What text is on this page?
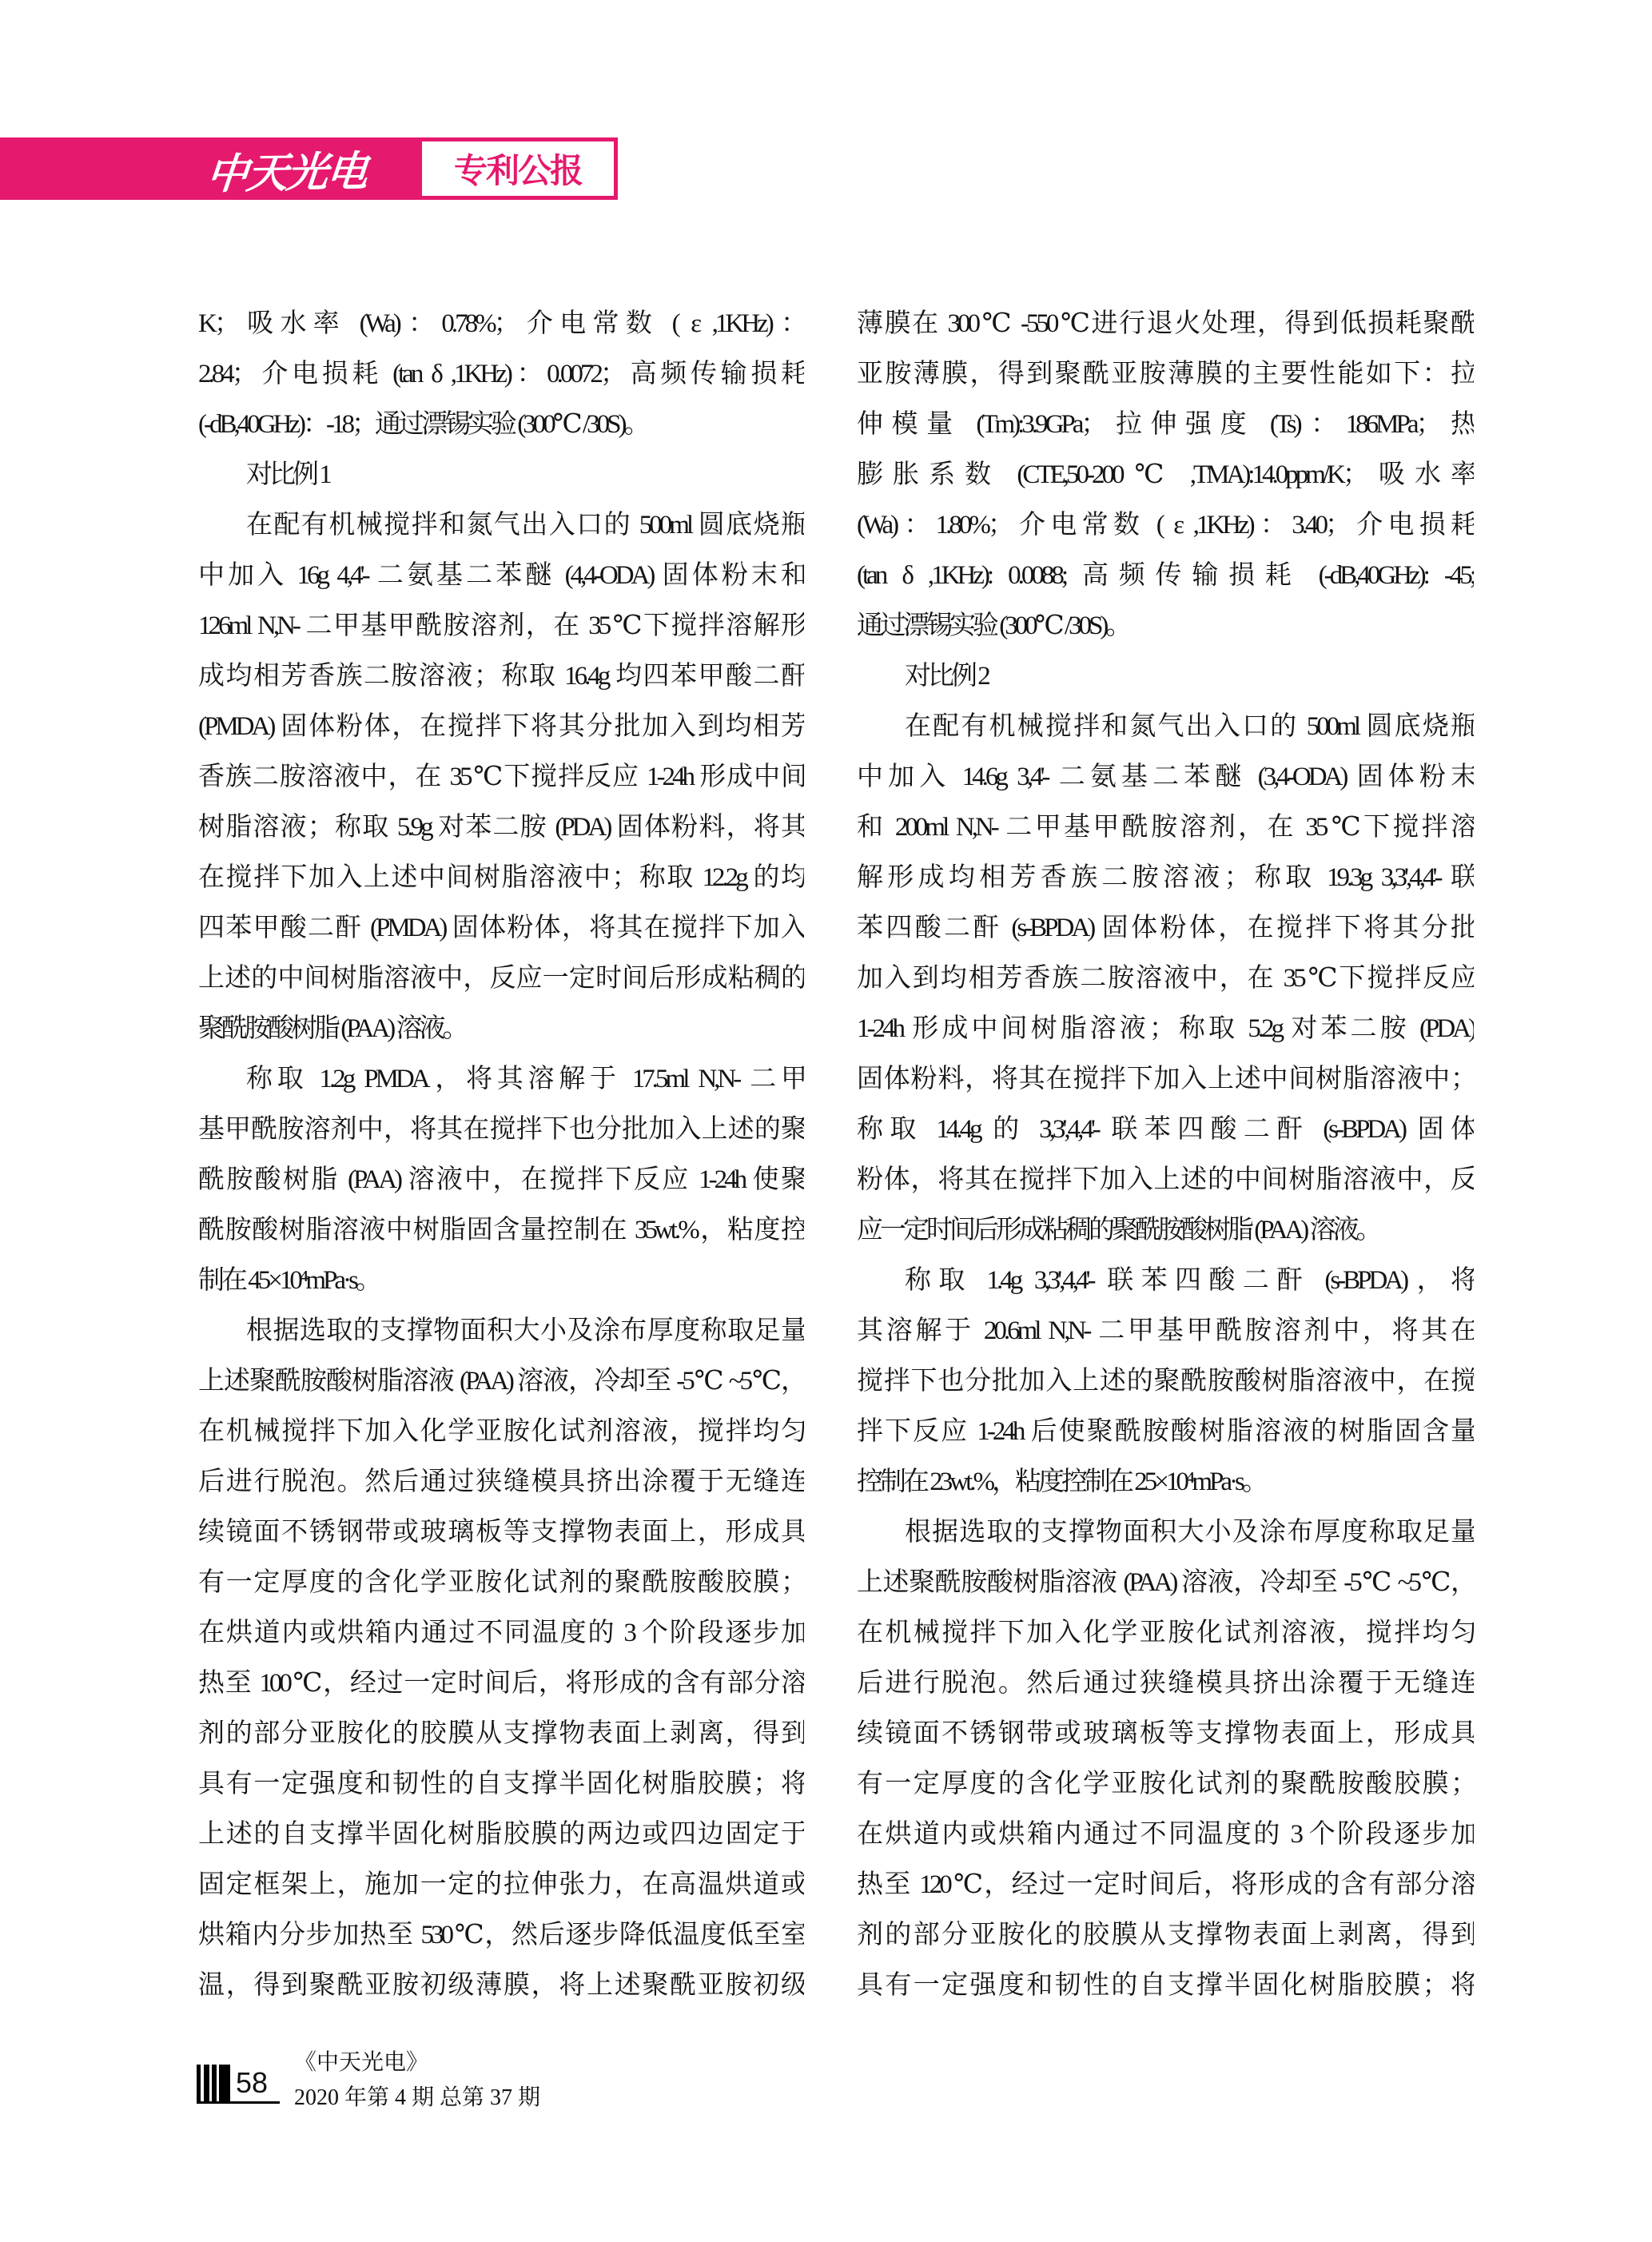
中天光电	专利公报
K；吸水率 (Wa)：0.78%；介电常数 ( ε ,1KHz)：
2.84；介电损耗 (tan δ ,1KHz)：0.0072；高频传输损耗
(-dB,40GHz)：-18；通过漂锡实验 (300℃ /30S)。
对比例 1
在配有机械搅拌和氮气出入口的 500ml 圆底烧瓶
中加入 16g 4,4'- 二氨基二苯醚 (4,4-ODA) 固体粉末和
126ml N,N- 二甲基甲酰胺溶剂，在 35℃下搅拌溶解形
成均相芳香族二胺溶液；称取 16.4g 均四苯甲酸二酐
(PMDA) 固体粉体，在搅拌下将其分批加入到均相芳
香族二胺溶液中，在 35℃下搅拌反应 1-24h 形成中间
树脂溶液；称取 5.9g 对苯二胺 (PDA) 固体粉料，将其
在搅拌下加入上述中间树脂溶液中；称取 12.2g 的均
四苯甲酸二酐 (PMDA) 固体粉体，将其在搅拌下加入
上述的中间树脂溶液中，反应一定时间后形成粘稠的
聚酰胺酸树脂 (PAA) 溶液。
称取 1.2g PMDA，将其溶解于 17.5ml N,N- 二甲
基甲酰胺溶剂中，将其在搅拌下也分批加入上述的聚
酰胺酸树脂 (PAA) 溶液中，在搅拌下反应 1-24h 使聚
酰胺酸树脂溶液中树脂固含量控制在 35wt.%，粘度控
制在 45×10⁴mPa·s。
根据选取的支撑物面积大小及涂布厚度称取足量
上述聚酰胺酸树脂溶液 (PAA) 溶液，冷却至 -5℃ ~5℃，
在机械搅拌下加入化学亚胺化试剂溶液，搅拌均匀
后进行脱泡。然后通过狭缝模具挤出涂覆于无缝连
续镜面不锈钢带或玻璃板等支撑物表面上，形成具
有一定厚度的含化学亚胺化试剂的聚酰胺酸胶膜；
在烘道内或烘箱内通过不同温度的 3 个阶段逐步加
热至 100℃，经过一定时间后，将形成的含有部分溶
剂的部分亚胺化的胶膜从支撑物表面上剥离，得到
具有一定强度和韧性的自支撑半固化树脂胶膜；将
上述的自支撑半固化树脂胶膜的两边或四边固定于
固定框架上，施加一定的拉伸张力，在高温烘道或
烘箱内分步加热至 530℃，然后逐步降低温度低至室
温，得到聚酰亚胺初级薄膜，将上述聚酰亚胺初级
薄膜在 300℃ -550℃进行退火处理，得到低损耗聚酰
亚胺薄膜，得到聚酰亚胺薄膜的主要性能如下：拉
伸模量 (Tm):3.9GPa；拉伸强度 (Ts)：186MPa；热
膨胀系数 (CTE,50-200℃ ,TMA):14.0ppm/K；吸水率
(Wa)：1.80%；介电常数 ( ε ,1KHz)：3.40；介电损耗
(tan δ ,1KHz): 0.0088; 高频传输损耗 (-dB,40GHz): -45;
通过漂锡实验 (300℃ /30S)。
对比例 2
在配有机械搅拌和氮气出入口的 500ml 圆底烧瓶
中加入 14.6g 3,4'- 二氨基二苯醚 (3,4-ODA) 固体粉末
和 200ml N,N- 二甲基甲酰胺溶剂，在 35℃下搅拌溶
解形成均相芳香族二胺溶液；称取 19.3g 3,3',4,4'- 联
苯四酸二酐 (s-BPDA) 固体粉体，在搅拌下将其分批
加入到均相芳香族二胺溶液中，在 35℃下搅拌反应
1-24h 形成中间树脂溶液；称取 5.2g 对苯二胺 (PDA)
固体粉料，将其在搅拌下加入上述中间树脂溶液中；
称取 14.4g 的 3,3',4,4'- 联苯四酸二酐 (s-BPDA) 固体
粉体，将其在搅拌下加入上述的中间树脂溶液中，反
应一定时间后形成粘稠的聚酰胺酸树脂 (PAA) 溶液。
称取 1.4g 3,3',4,4'- 联苯四酸二酐 (s-BPDA)，将
其溶解于 20.6ml N,N- 二甲基甲酰胺溶剂中，将其在
搅拌下也分批加入上述的聚酰胺酸树脂溶液中，在搅
拌下反应 1-24h 后使聚酰胺酸树脂溶液的树脂固含量
控制在 23wt.%，粘度控制在 25×10⁴mPa·s。
根据选取的支撑物面积大小及涂布厚度称取足量
上述聚酰胺酸树脂溶液 (PAA) 溶液，冷却至 -5℃ ~5℃，
在机械搅拌下加入化学亚胺化试剂溶液，搅拌均匀
后进行脱泡。然后通过狭缝模具挤出涂覆于无缝连
续镜面不锈钢带或玻璃板等支撑物表面上，形成具
有一定厚度的含化学亚胺化试剂的聚酰胺酸胶膜；
在烘道内或烘箱内通过不同温度的 3 个阶段逐步加
热至 120℃，经过一定时间后，将形成的含有部分溶
剂的部分亚胺化的胶膜从支撑物表面上剥离，得到
具有一定强度和韧性的自支撑半固化树脂胶膜；将
58
《中天光电》
2020 年第 4 期 总第 37 期
